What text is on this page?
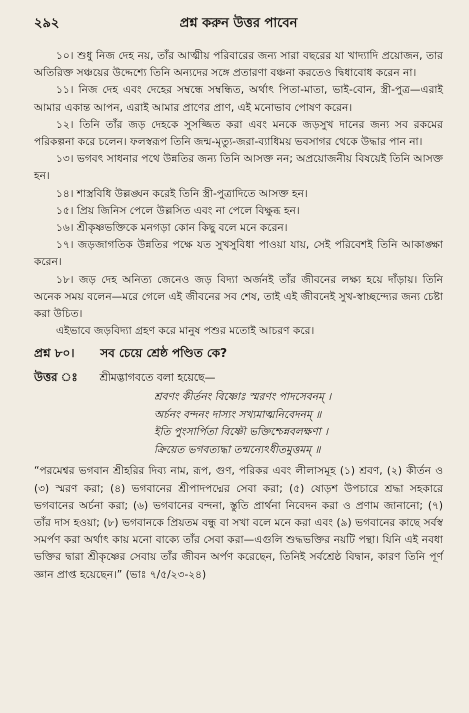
২৯২	প্রশ্ন করুন উত্তর পাবেন

১০। শুধু নিজ দেহ নয়, তাঁর আত্মীয় পরিবারের জন্য সারা বছরের যা খাদ্যাদি প্রয়োজন, তার অতিরিক্ত সঞ্চয়ের উদ্দেশ্যে তিনি অন্যদের সঙ্গে প্রতারণা বঞ্চনা করতেও দ্বিধাবোধ করেন না।

১১। নিজ দেহ এবং দেহের সম্বন্ধে সম্বন্ধিত, অর্থাৎ পিতা-মাতা, ভাই-বোন, স্ত্রী-পুত্র—এরাই আমার একান্ত আপন, এরাই আমার প্রাণের প্রাণ, এই মনোভাব পোষণ করেন।

১২। তিনি তাঁর জড় দেহকে সুসজ্জিত করা এবং মনকে জড়সুখ দানের জন্য সব রকমের পরিকল্পনা করে চলেন। ফলস্বরূপ তিনি জন্ম-মৃত্যু-জরা-ব্যাধিময় ভবসাগর থেকে উদ্ধার পান না।

১৩। ভগবৎ সাধনার পথে উন্নতির জন্য তিনি আসক্ত নন; অপ্রয়োজনীয় বিষয়েই তিনি আসক্ত হন।

১৪। শাস্ত্রবিধি উল্লঙ্ঘন করেই তিনি স্ত্রী-পুত্রাদিতে আসক্ত হন।

১৫। প্রিয় জিনিস পেলে উল্লসিত এবং না পেলে বিক্ষুব্ধ হন।

১৬। শ্রীকৃষ্ণভক্তিকে মনগড়া কোন কিছু বলে মনে করেন।

১৭। জড়জাগতিক উন্নতির পক্ষে যত সুখসুবিধা পাওয়া যায়, সেই পরিবেশই তিনি আকাঙ্ক্ষা করেন।

১৮। জড় দেহ অনিত্য জেনেও জড় বিদ্যা অর্জনই তাঁর জীবনের লক্ষ্য হয়ে দাঁড়ায়। তিনি অনেক সময় বলেন—মরে গেলে এই জীবনের সব শেষ, তাই এই জীবনেই সুখ-স্বাচ্ছন্দ্যের জন্য চেষ্টা করা উচিত।

এইভাবে জড়বিদ্যা গ্রহণ করে মানুষ পশুর মতোই আচরণ করে।

প্রশ্ন ৮০। সব চেয়ে শ্রেষ্ঠ পণ্ডিত কে?
উত্তর ঃ শ্রীমদ্ভাগবতে বলা হয়েছে—
শ্রবণং কীর্তনং বিষ্ণোঃ স্মরণং পাদসেবনম্ ।
অর্চনং বন্দনং দাস্যং সখ্যমাত্মনিবেদনম্ ॥
ইতি পুংসার্পিতা বিষ্ণৌ ভক্তিশ্চেন্নবলক্ষণা ।
ক্রিয়েত ভগবত্যদ্ধা তন্মন্যেঽধীতমুত্তমম্ ॥

“পরমেশ্বর ভগবান শ্রীহরির দিব্য নাম, রূপ, গুণ, পরিকর এবং লীলাসমূহ (১) শ্রবণ, (২) কীর্তন ও (৩) স্মরণ করা; (৪) ভগবানের শ্রীপাদপদ্মের সেবা করা; (৫) ষোড়শ উপচারে শ্রদ্ধা সহকারে ভগবানের অর্চনা করা; (৬) ভগবানের বন্দনা, স্তুতি প্রার্থনা নিবেদন করা ও প্রণাম জানানো; (৭) তাঁর দাস হওয়া; (৮) ভগবানকে প্রিয়তম বন্ধু বা সখা বলে মনে করা এবং (৯) ভগবানের কাছে সর্বস্ব সমর্পণ করা অর্থাৎ কায় মনো বাক্যে তাঁর সেবা করা—এগুলি শুদ্ধভক্তির নয়টি পন্থা। যিনি এই নবধা ভক্তির দ্বারা শ্রীকৃষ্ণের সেবায় তাঁর জীবন অর্পণ করেছেন, তিনিই সর্বশ্রেষ্ঠ বিদ্বান, কারণ তিনি পূর্ণ জ্ঞান প্রাপ্ত হয়েছেন।” (ভাঃ ৭/৫/২৩-২৪)
